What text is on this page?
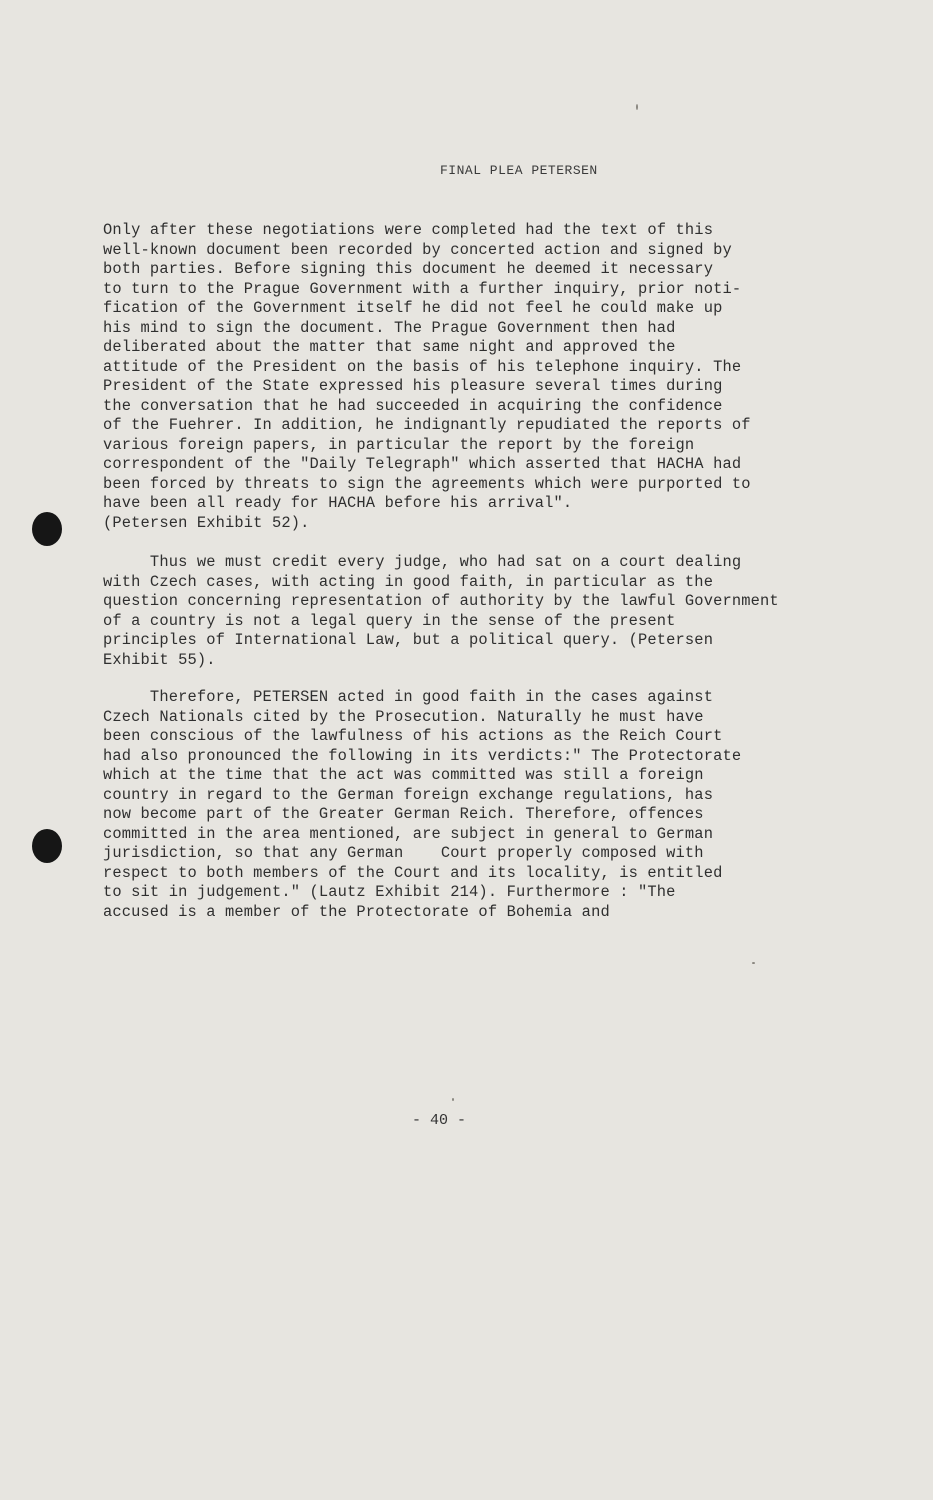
FINAL PLEA PETERSEN
Only after these negotiations were completed had the text of this
well-known document been recorded by concerted action and signed by
both parties. Before signing this document he deemed it necessary
to turn to the Prague Government with a further inquiry, prior noti-
fication of the Government itself he did not feel he could make up
his mind to sign the document. The Prague Government then had
deliberated about the matter that same night and approved the
attitude of the President on the basis of his telephone inquiry. The
President of the State expressed his pleasure several times during
the conversation that he had succeeded in acquiring the confidence
of the Fuehrer. In addition, he indignantly repudiated the reports of
various foreign papers, in particular the report by the foreign
correspondent of the "Daily Telegraph" which asserted that HACHA had
been forced by threats to sign the agreements which were purported to
have been all ready for HACHA before his arrival".
(Petersen Exhibit 52).
Thus we must credit every judge, who had sat on a court dealing
with Czech cases, with acting in good faith, in particular as the
question concerning representation of authority by the lawful Government
of a country is not a legal query in the sense of the present
principles of International Law, but a political query. (Petersen
Exhibit 55).
Therefore, PETERSEN acted in good faith in the cases against
Czech Nationals cited by the Prosecution. Naturally he must have
been conscious of the lawfulness of his actions as the Reich Court
had also pronounced the following in its verdicts:" The Protectorate
which at the time that the act was committed was still a foreign
country in regard to the German foreign exchange regulations, has
now become part of the Greater German Reich. Therefore, offences
committed in the area mentioned, are subject in general to German
jurisdiction, so that any German    Court properly composed with
respect to both members of the Court and its locality, is entitled
to sit in judgement." (Lautz Exhibit 214). Furthermore : "The
accused is a member of the Protectorate of Bohemia and
- 40 -
